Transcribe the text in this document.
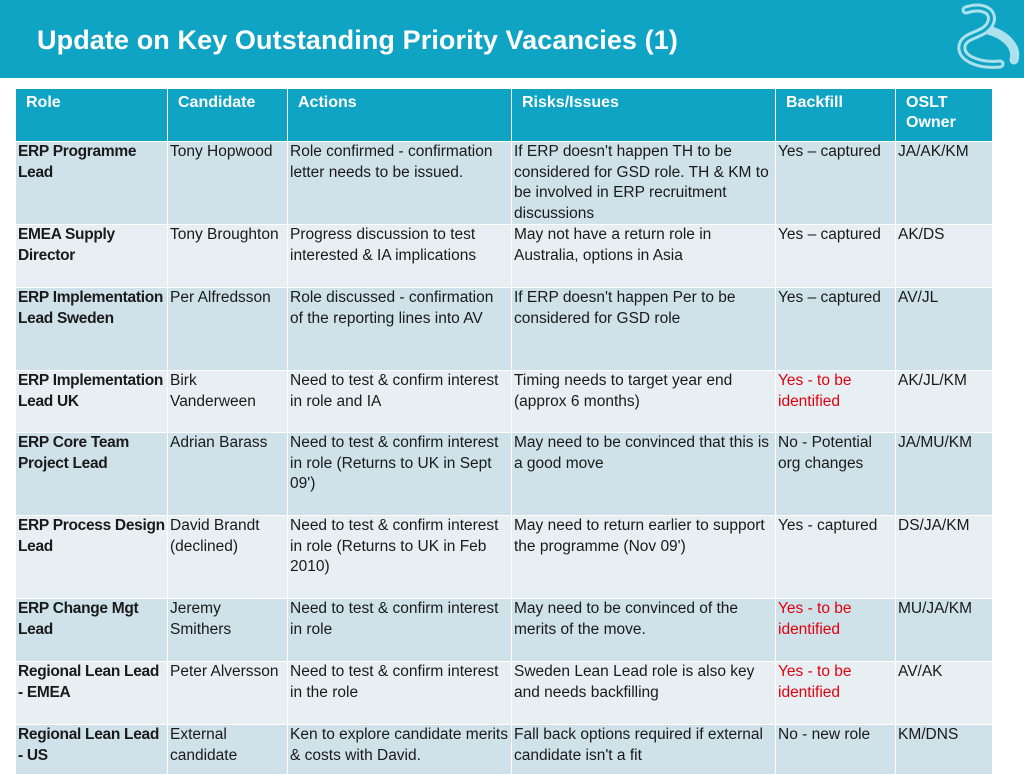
Update on Key Outstanding Priority Vacancies (1)
Role	Candidate	Actions	Risks/Issues	Backfill	OSLT Owner
ERP Programme Lead	Tony Hopwood	Role confirmed - confirmation letter needs to be issued.	If ERP doesn't happen TH to be considered for GSD role. TH & KM to be involved in ERP recruitment discussions	Yes – captured	JA/AK/KM
EMEA Supply Director	Tony Broughton	Progress discussion to test interested & IA implications	May not have a return role in Australia, options in Asia	Yes – captured	AK/DS
ERP Implementation Lead Sweden	Per Alfredsson	Role discussed - confirmation of the reporting lines into AV	If ERP doesn't happen Per to be considered for GSD role	Yes – captured	AV/JL
ERP Implementation Lead UK	Birk Vanderween	Need to test & confirm interest in role and IA	Timing needs to target year end (approx 6 months)	Yes - to be identified	AK/JL/KM
ERP Core Team Project Lead	Adrian Barass	Need to test & confirm interest in role (Returns to UK in Sept 09')	May need to be convinced that this is a good move	No - Potential org changes	JA/MU/KM
ERP Process Design Lead	David Brandt (declined)	Need to test & confirm interest in role (Returns to UK in Feb 2010)	May need to return earlier to support the programme (Nov 09')	Yes - captured	DS/JA/KM
ERP Change Mgt Lead	Jeremy Smithers	Need to test & confirm interest in role	May need to be convinced of the merits of the move.	Yes - to be identified	MU/JA/KM
Regional Lean Lead - EMEA	Peter Alversson	Need to test & confirm interest in the role	Sweden Lean Lead role is also key and needs backfilling	Yes - to be identified	AV/AK
Regional Lean Lead - US	External candidate	Ken to explore candidate merits & costs with David.	Fall back options required if external candidate isn't a fit	No - new role	KM/DNS
